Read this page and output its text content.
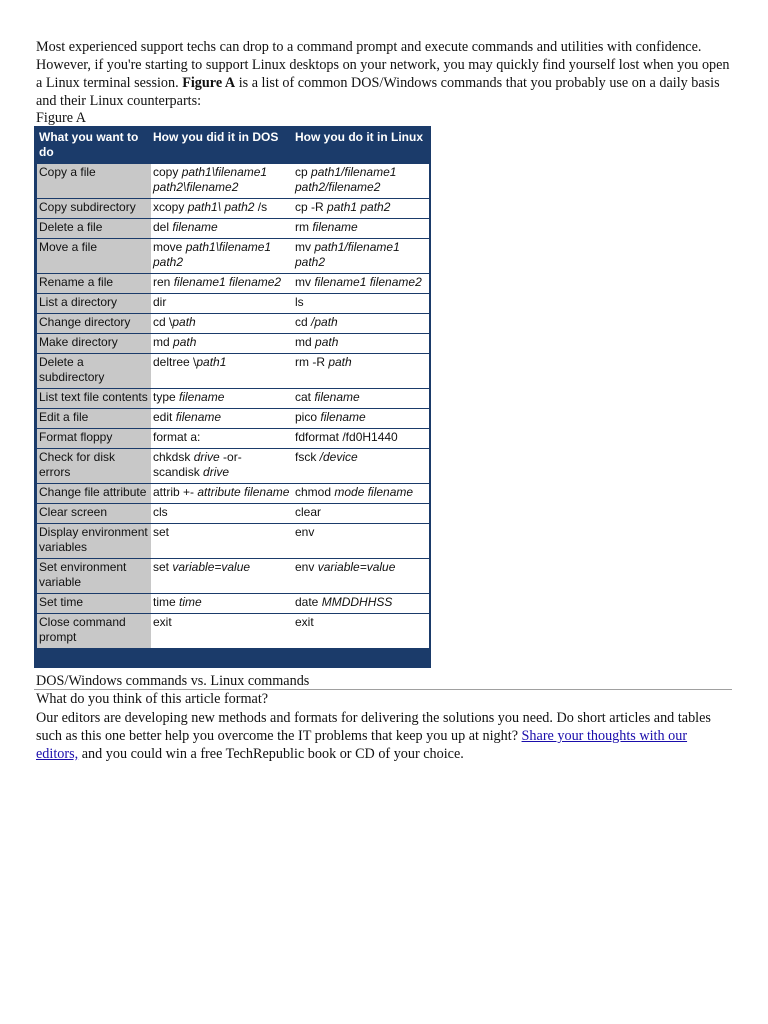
Most experienced support techs can drop to a command prompt and execute commands and utilities with confidence. However, if you're starting to support Linux desktops on your network, you may quickly find yourself lost when you open a Linux terminal session. Figure A is a list of common DOS/Windows commands that you probably use on a daily basis and their Linux counterparts:

Figure A
What you want to do	How you did it in DOS	How you do it in Linux
Copy a file	copy path1\filename1 path2\filename2	cp path1/filename1 path2/filename2
Copy subdirectory	xcopy path1\ path2 /s	cp -R path1 path2
Delete a file	del filename	rm filename
Move a file	move path1\filename1 path2	mv path1/filename1 path2
Rename a file	ren filename1 filename2	mv filename1 filename2
List a directory	dir	ls
Change directory	cd \path	cd /path
Make directory	md path	md path
Delete a subdirectory	deltree \path1	rm -R path
List text file contents	type filename	cat filename
Edit a file	edit filename	pico filename
Format floppy	format a:	fdformat /fd0H1440
Check for disk errors	chkdsk drive -or- scandisk drive	fsck /device
Change file attribute	attrib +- attribute filename	chmod mode filename
Clear screen	cls	clear
Display environment variables	set	env
Set environment variable	set variable=value	env variable=value
Set time	time time	date MMDDHHSS
Close command prompt	exit	exit
DOS/Windows commands vs. Linux commands
What do you think of this article format?

Our editors are developing new methods and formats for delivering the solutions you need. Do short articles and tables such as this one better help you overcome the IT problems that keep you up at night? Share your thoughts with our editors, and you could win a free TechRepublic book or CD of your choice.
